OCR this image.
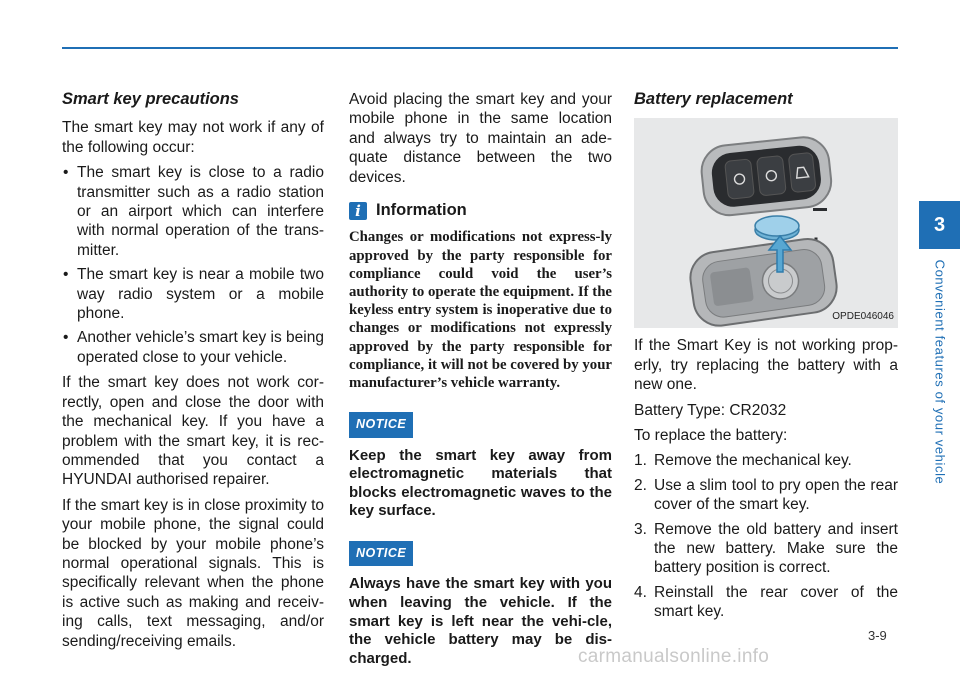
Smart key precautions

The smart key may not work if any of the following occur:

• The smart key is close to a radio transmitter such as a radio station or an airport which can interfere with normal operation of the trans-mitter.
• The smart key is near a mobile two way radio system or a mobile phone.
• Another vehicle’s smart key is being operated close to your vehicle.

If the smart key does not work cor-rectly, open and close the door with the mechanical key. If you have a problem with the smart key, it is rec-ommended that you contact a HYUNDAI authorised repairer.

If the smart key is in close proximity to your mobile phone, the signal could be blocked by your mobile phone’s normal operational signals. This is specifically relevant when the phone is active such as making and receiv-ing calls, text messaging, and/or sending/receiving emails.

Avoid placing the smart key and your mobile phone in the same location and always try to maintain an ade-quate distance between the two devices.

i Information
Changes or modifications not express-ly approved by the party responsible for compliance could void the user’s authority to operate the equipment. If the keyless entry system is inoperative due to changes or modifications not expressly approved by the party responsible for compliance, it will not be covered by your manufacturer’s vehicle warranty.
NOTICE
Keep the smart key away from electromagnetic materials that blocks electromagnetic waves to the key surface.
NOTICE
Always have the smart key with you when leaving the vehicle. If the smart key is left near the vehi-cle, the vehicle battery may be dis-charged.
Battery replacement
OPDE046046

If the Smart Key is not working prop-erly, try replacing the battery with a new one.

Battery Type: CR2032

To replace the battery:

1. Remove the mechanical key.
2. Use a slim tool to pry open the rear cover of the smart key.
3. Remove the old battery and insert the new battery. Make sure the battery position is correct.
4. Reinstall the rear cover of the smart key.
3
Convenient features of your vehicle
3-9
carmanualsonline.info
